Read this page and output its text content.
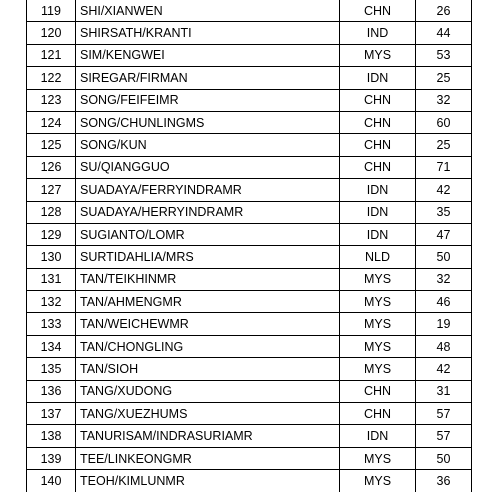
119	SHI/XIANWEN	CHN	26
120	SHIRSATH/KRANTI	IND	44
121	SIM/KENGWEI	MYS	53
122	SIREGAR/FIRMAN	IDN	25
123	SONG/FEIFEIMR	CHN	32
124	SONG/CHUNLINGMS	CHN	60
125	SONG/KUN	CHN	25
126	SU/QIANGGUO	CHN	71
127	SUADAYA/FERRYINDRAMR	IDN	42
128	SUADAYA/HERRYINDRAMR	IDN	35
129	SUGIANTO/LOMR	IDN	47
130	SURTIDAHLIA/MRS	NLD	50
131	TAN/TEIKHINMR	MYS	32
132	TAN/AHMENGMR	MYS	46
133	TAN/WEICHEWMR	MYS	19
134	TAN/CHONGLING	MYS	48
135	TAN/SIOH	MYS	42
136	TANG/XUDONG	CHN	31
137	TANG/XUEZHUMS	CHN	57
138	TANURISAM/INDRASURIAMR	IDN	57
139	TEE/LINKEONGMR	MYS	50
140	TEOH/KIMLUNMR	MYS	36
